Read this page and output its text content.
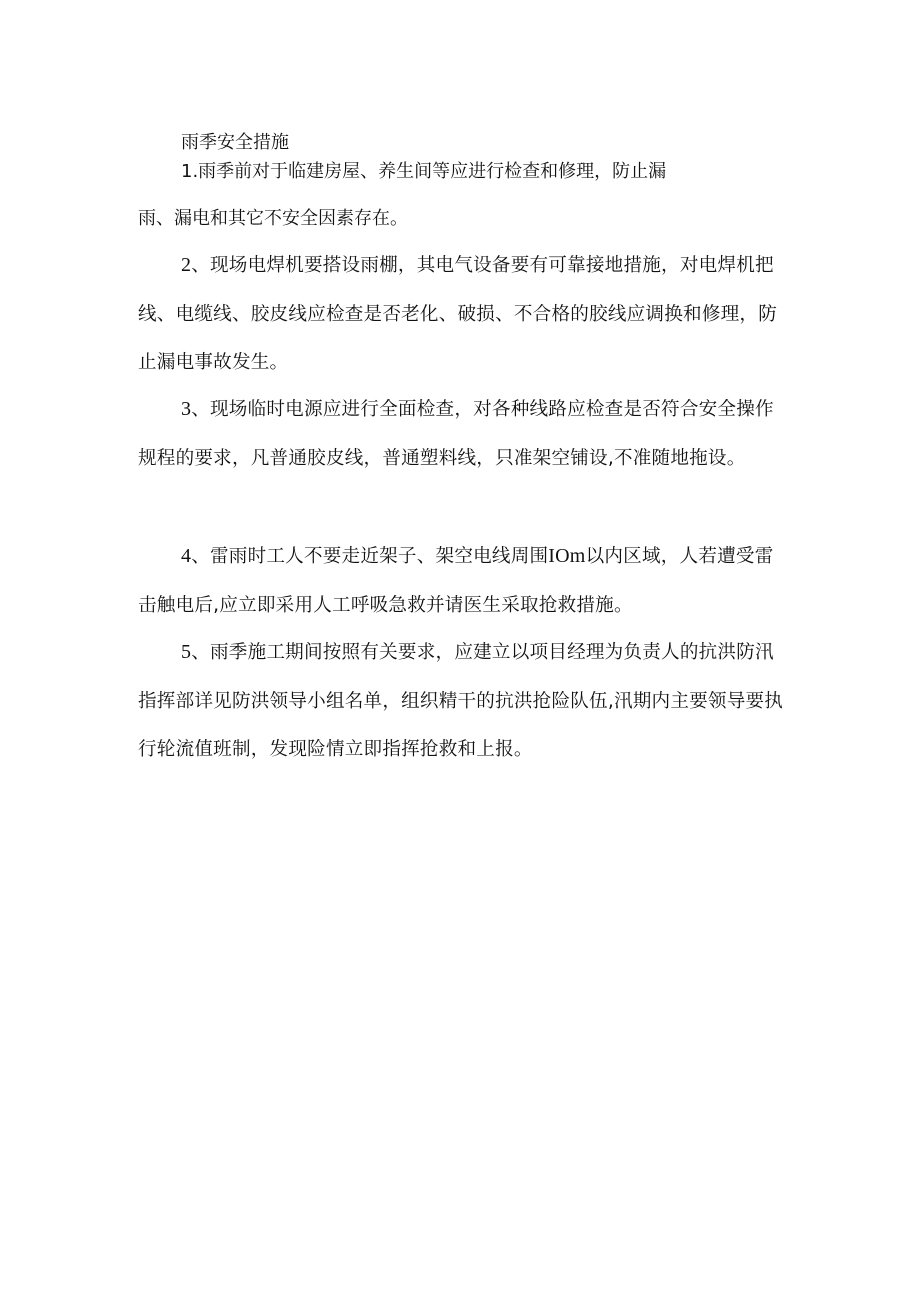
雨季安全措施
1.雨季前对于临建房屋、养生间等应进行检查和修理，防止漏
雨、漏电和其它不安全因素存在。
2、现场电焊机要搭设雨棚，其电气设备要有可靠接地措施，对电焊机把线、电缆线、胶皮线应检查是否老化、破损、不合格的胶线应调换和修理，防止漏电事故发生。
3、现场临时电源应进行全面检查，对各种线路应检查是否符合安全操作规程的要求，凡普通胶皮线，普通塑料线，只准架空铺设,不准随地拖设。
4、雷雨时工人不要走近架子、架空电线周围IOm以内区域，人若遭受雷击触电后,应立即采用人工呼吸急救并请医生采取抢救措施。
5、雨季施工期间按照有关要求，应建立以项目经理为负责人的抗洪防汛指挥部详见防洪领导小组名单，组织精干的抗洪抢险队伍,汛期内主要领导要执行轮流值班制，发现险情立即指挥抢救和上报。
